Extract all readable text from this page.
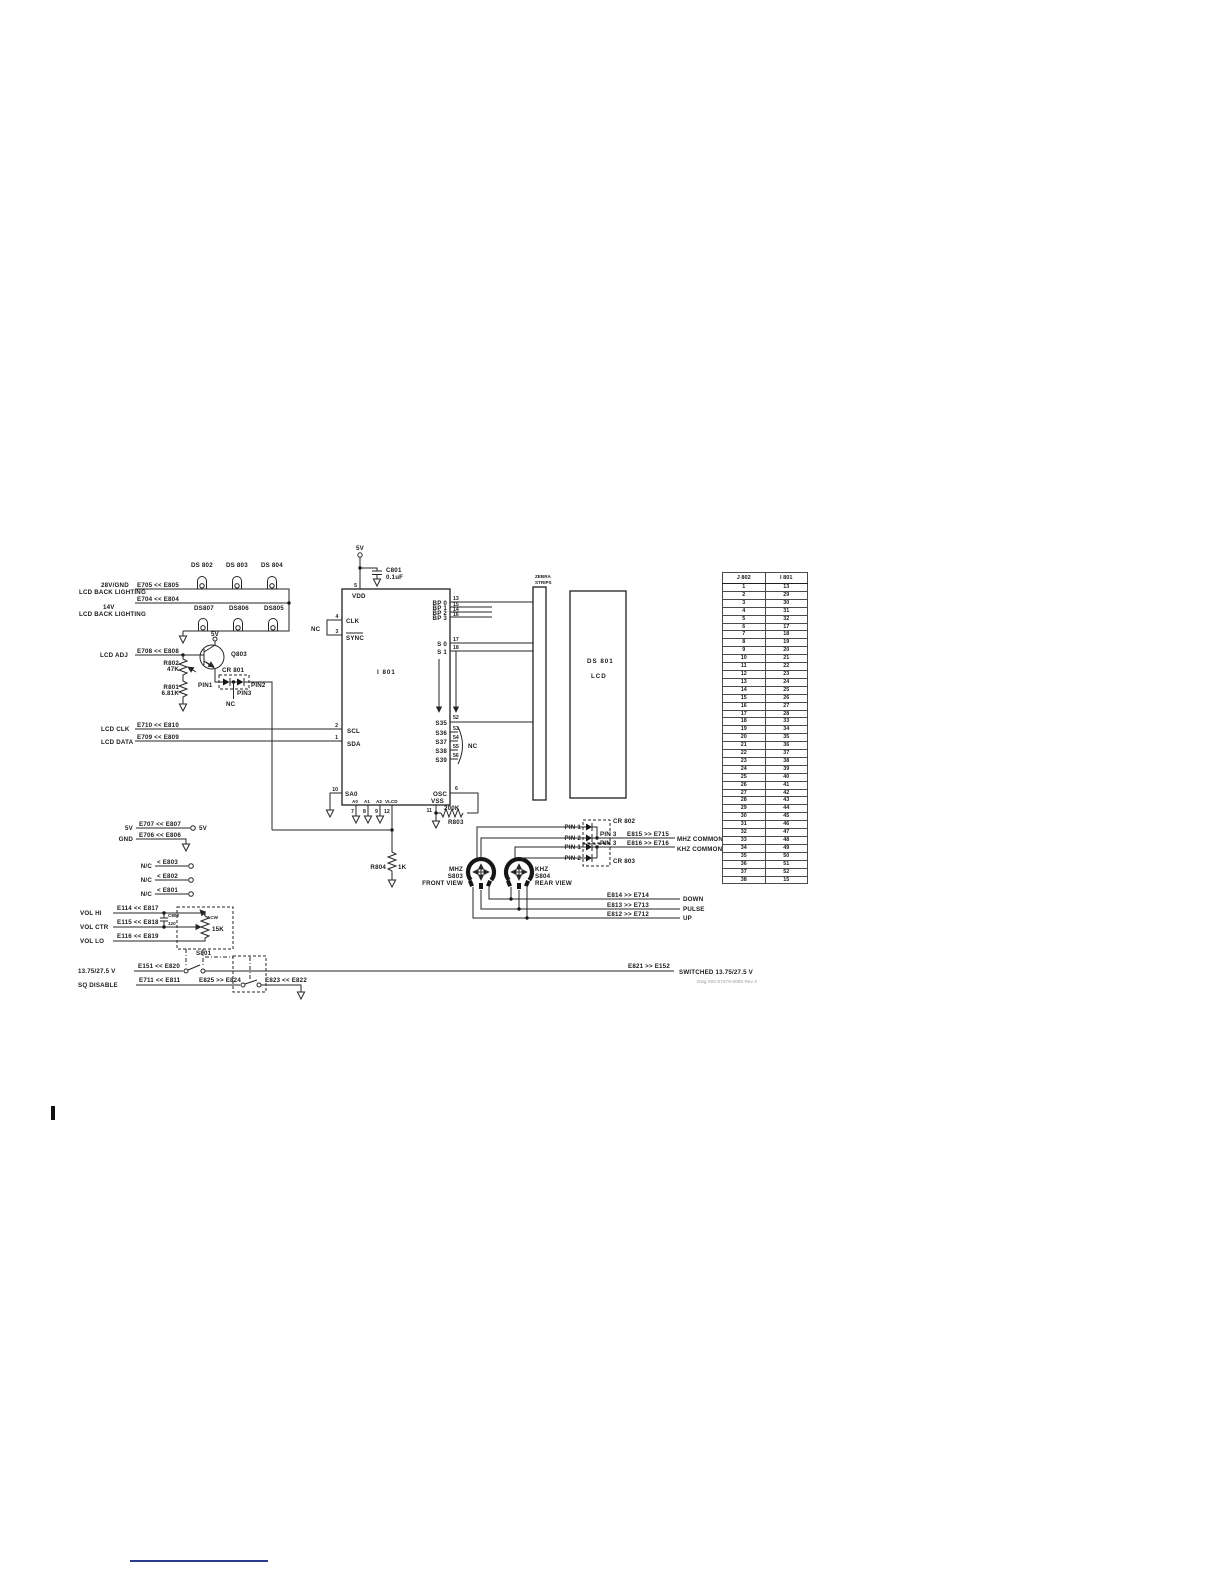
DS 802 DS 803 DS 804
DS807 DS806 DS805
28V/GND E705 << E805
LCD BACK LIGHTING
E704 << E804
14V
LCD BACK LIGHTING
LCD ADJ
E708 << E808
5V
Q803
R802
47K
R801
6.81K
CR 801
PIN1	PIN2
PIN3
NC
LCD CLK
E710 << E810	2
SCL
LCD DATA
E709 << E809	1
SDA
I 801
5V
C801
0.1uF
5
VDD
4
CLK
3
SYNC
NC
BP 0
BP 1
BP 2
BP 3
13
15
14
16
S 0
17
S 1
18
S35
S36
S37
S38
S39
52
53
54
55
56
NC
10
SA0
A0 A1 A2 VLCD
7 8 9 12
R804 1K
OSC
6
VSS
11 200K
R803
ZEBRA
STRIPS
DS 801
LCD
MHZ
S803
FRONT VIEW
KHZ
S804
REAR VIEW
PIN 1
PIN 2
PIN 1
PIN 2
CR 802
CR 803
PIN 3
PIN 3
E815 >> E715
MHZ COMMON
E816 >> E716
KHZ COMMON
E814 >> E714
DOWN
E813 >> E713
PULSE
E812 >> E712
UP
5V
E707 << E807
5V
GND
E706 << E806
N/C
< E803
N/C
< E802
N/C
< E801
VOL HI
E114 << E817
VOL CTR
E115 << E818
VOL LO
E116 << E819
C808
120
ACW
15K
S801
13.75/27.5 V
E151 << E820	E821 >> E152
SWITCHED 13.75/27.5 V
SQ DISABLE
E711 << E811	E825 >> E824	E823 << E822	Dwg 002-07479-0000 Rev 2
J 802	I 801
1	13
2	29
3	30
4	31
5	32
6	17
7	18
8	19
9	20
10	21
11	22
12	23
13	24
14	25
15	26
16	27
17	28
18	33
19	34
20	35
21	36
22	37
23	38
24	39
25	40
26	41
27	42
28	43
29	44
30	45
31	46
32	47
33	48
34	49
35	50
36	51
37	52
38	15
